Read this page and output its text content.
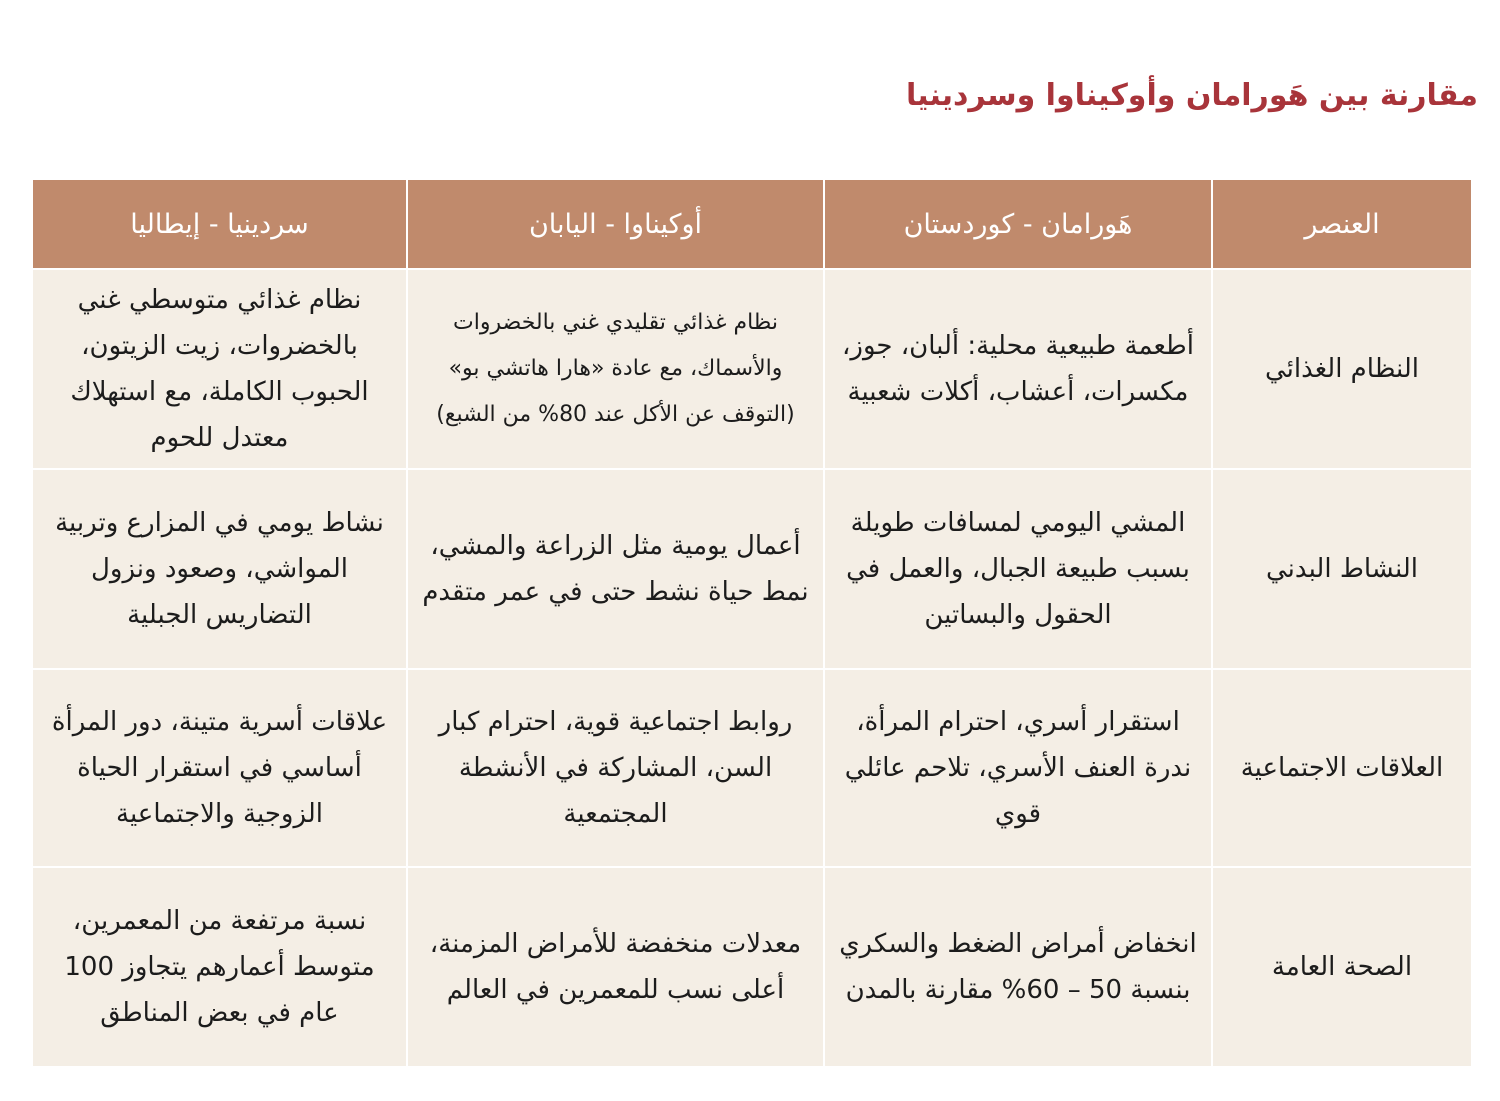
مقارنة بين هَورامان وأوكيناوا وسردينيا
العنصر	هَورامان - كوردستان	أوكيناوا - اليابان	سردينيا - إيطاليا
النظام الغذائي	أطعمة طبيعية محلية: ألبان، جوز، مكسرات، أعشاب، أكلات شعبية	نظام غذائي تقليدي غني بالخضروات والأسماك، مع عادة «هارا هاتشي بو» (التوقف عن الأكل عند 80% من الشبع)	نظام غذائي متوسطي غني بالخضروات، زيت الزيتون، الحبوب الكاملة، مع استهلاك معتدل للحوم
النشاط البدني	المشي اليومي لمسافات طويلة بسبب طبيعة الجبال، والعمل في الحقول والبساتين	أعمال يومية مثل الزراعة والمشي، نمط حياة نشط حتى في عمر متقدم	نشاط يومي في المزارع وتربية المواشي، وصعود ونزول التضاريس الجبلية
العلاقات الاجتماعية	استقرار أسري، احترام المرأة، ندرة العنف الأسري، تلاحم عائلي قوي	روابط اجتماعية قوية، احترام كبار السن، المشاركة في الأنشطة المجتمعية	علاقات أسرية متينة، دور المرأة أساسي في استقرار الحياة الزوجية والاجتماعية
الصحة العامة	انخفاض أمراض الضغط والسكري بنسبة 50 – 60% مقارنة بالمدن	معدلات منخفضة للأمراض المزمنة، أعلى نسب للمعمرين في العالم	نسبة مرتفعة من المعمرين، متوسط أعمارهم يتجاوز 100 عام في بعض المناطق
